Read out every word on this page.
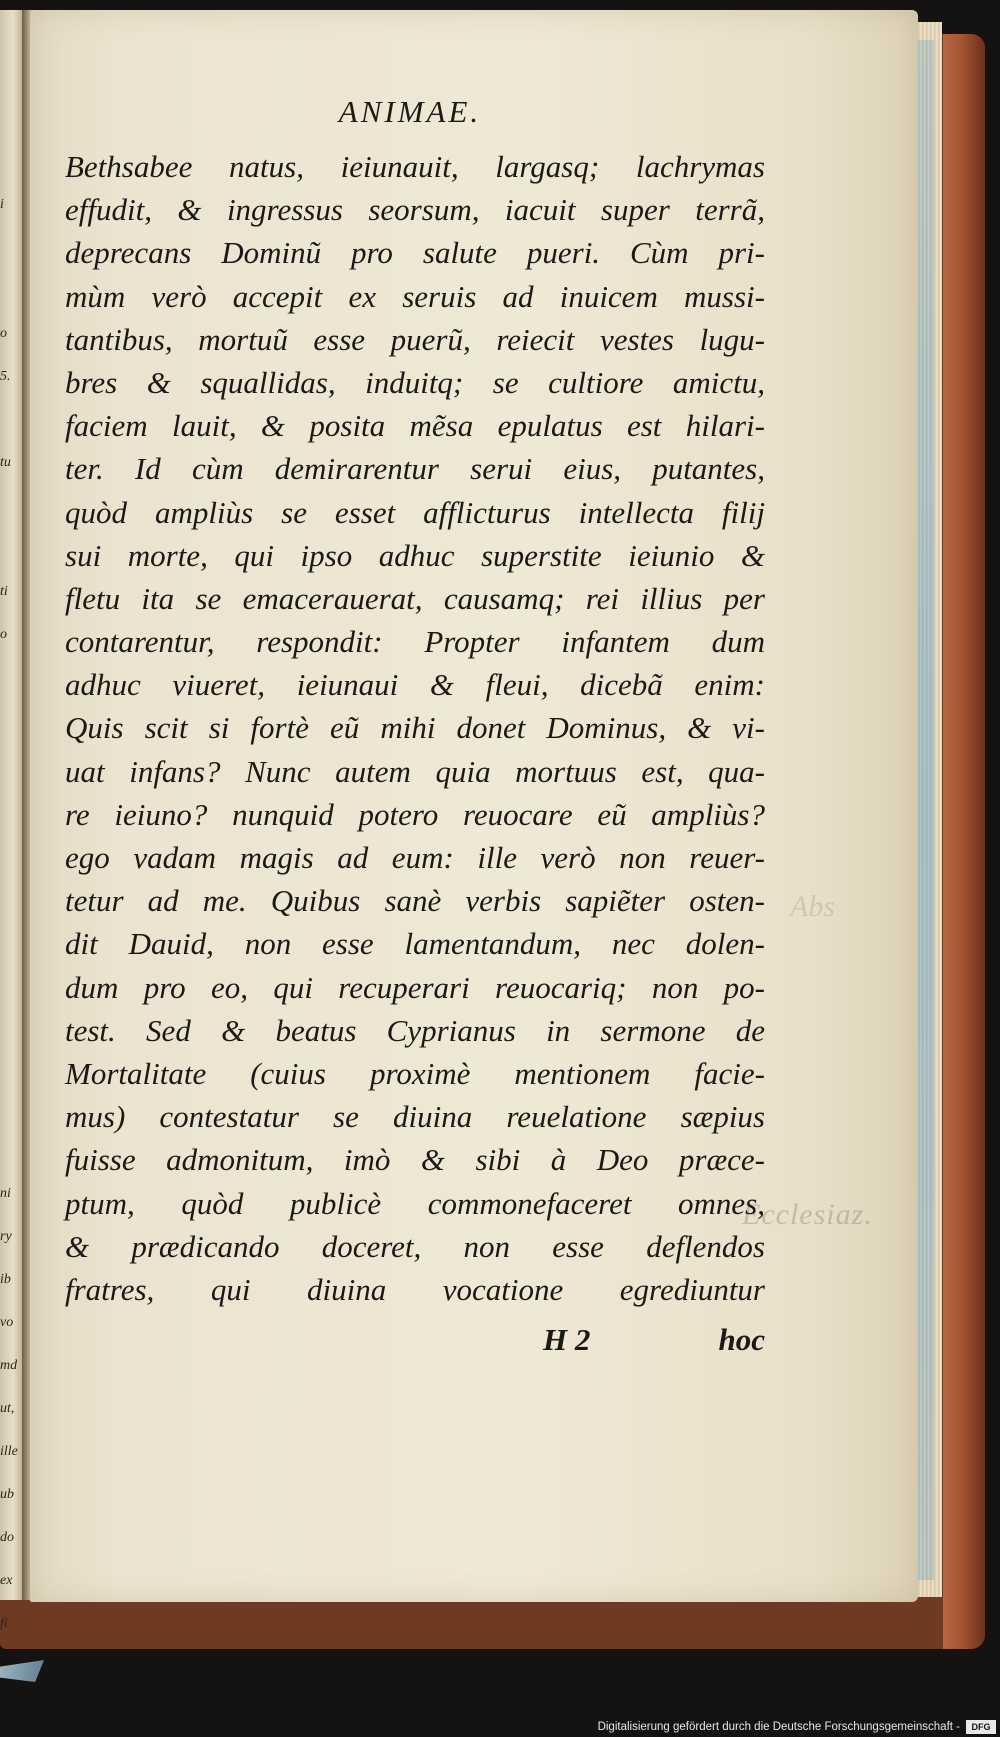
i
o
5.
tu
ti
o
ni
ry
ib
vo
md
ut,
ille
ub
do
ex
fi
ANIMAE.
Abs
Ecclesiaz.
Bethsabee natus, ieiunauit, largasq; lachrymas
effudit, & ingressus seorsum, iacuit super terrã,
deprecans Dominũ pro salute pueri. Cùm pri-
mùm verò accepit ex seruis ad inuicem mussi-
tantibus, mortuũ esse puerũ, reiecit vestes lugu-
bres & squallidas, induitq; se cultiore amictu,
faciem lauit, & posita mẽsa epulatus est hilari-
ter. Id cùm demirarentur serui eius, putantes,
quòd ampliùs se esset afflicturus intellecta filij
sui morte, qui ipso adhuc superstite ieiunio &
fletu ita se emacerauerat, causamq; rei illius per
contarentur, respondit: Propter infantem dum
adhuc viueret, ieiunaui & fleui, dicebã enim:
Quis scit si fortè eũ mihi donet Dominus, & vi-
uat infans? Nunc autem quia mortuus est, qua-
re ieiuno? nunquid potero reuocare eũ ampliùs?
ego vadam magis ad eum: ille verò non reuer-
tetur ad me. Quibus sanè verbis sapiẽter osten-
dit Dauid, non esse lamentandum, nec dolen-
dum pro eo, qui recuperari reuocariq; non po-
test. Sed & beatus Cyprianus in sermone de
Mortalitate (cuius proximè mentionem facie-
mus) contestatur se diuina reuelatione sæpius
fuisse admonitum, imò & sibi à Deo præce-
ptum, quòd publicè commonefaceret omnes,
& prædicando doceret, non esse deflendos
fratres, qui diuina vocatione egrediuntur
H 2	hoc
Digitalisierung gefördert durch die Deutsche Forschungsgemeinschaft -	DFG
